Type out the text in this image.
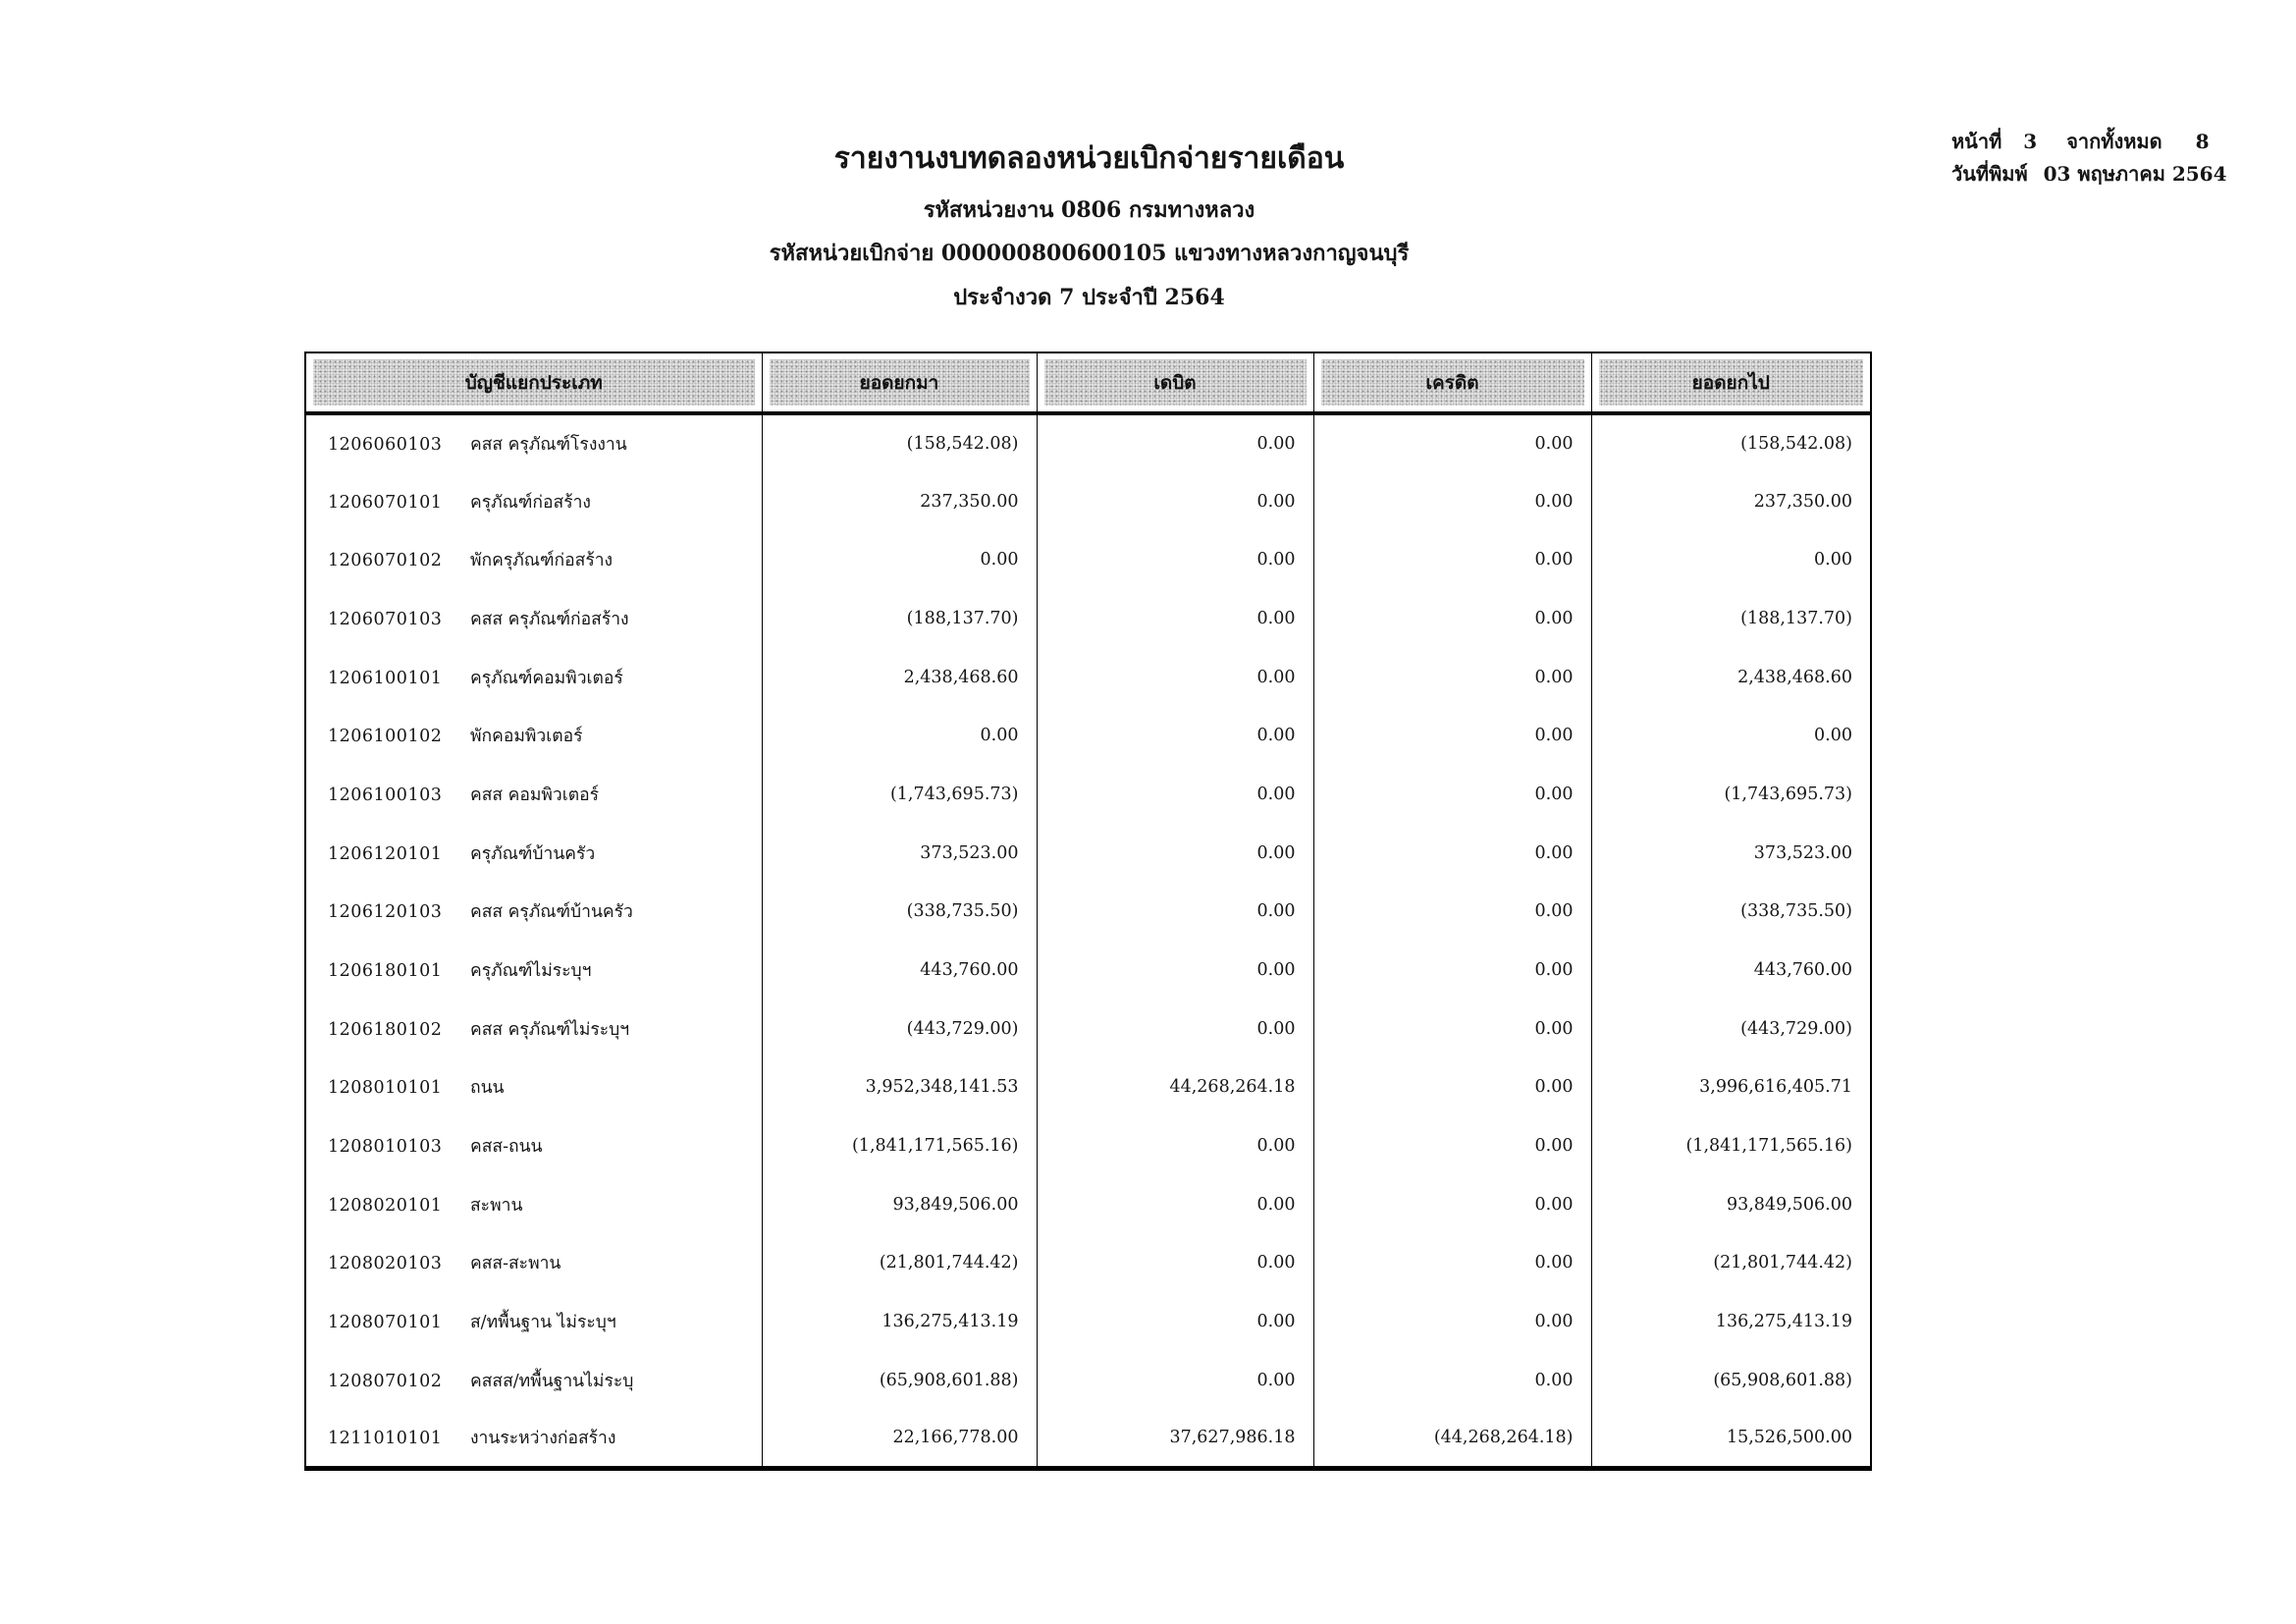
หน้าที่ 3 จากทั้งหมด 8
วันที่พิมพ์ 03 พฤษภาคม 2564
รายงานงบทดลองหน่วยเบิกจ่ายรายเดือน
รหัสหน่วยงาน 0806 กรมทางหลวง
รหัสหน่วยเบิกจ่าย 000000800600105 แขวงทางหลวงกาญจนบุรี
ประจำงวด 7 ประจำปี 2564
บัญชีแยกประเภท	ยอดยกมา	เดบิต	เครดิต	ยอดยกไป

1206060103 คสส ครุภัณฑ์โรงงาน	(158,542.08)	0.00	0.00	(158,542.08)
1206070101 ครุภัณฑ์ก่อสร้าง	237,350.00	0.00	0.00	237,350.00
1206070102 พักครุภัณฑ์ก่อสร้าง	0.00	0.00	0.00	0.00
1206070103 คสส ครุภัณฑ์ก่อสร้าง	(188,137.70)	0.00	0.00	(188,137.70)
1206100101 ครุภัณฑ์คอมพิวเตอร์	2,438,468.60	0.00	0.00	2,438,468.60
1206100102 พักคอมพิวเตอร์	0.00	0.00	0.00	0.00
1206100103 คสส คอมพิวเตอร์	(1,743,695.73)	0.00	0.00	(1,743,695.73)
1206120101 ครุภัณฑ์บ้านครัว	373,523.00	0.00	0.00	373,523.00
1206120103 คสส ครุภัณฑ์บ้านครัว	(338,735.50)	0.00	0.00	(338,735.50)
1206180101 ครุภัณฑ์ไม่ระบุฯ	443,760.00	0.00	0.00	443,760.00
1206180102 คสส ครุภัณฑ์ไม่ระบุฯ	(443,729.00)	0.00	0.00	(443,729.00)
1208010101 ถนน	3,952,348,141.53	44,268,264.18	0.00	3,996,616,405.71
1208010103 คสส-ถนน	(1,841,171,565.16)	0.00	0.00	(1,841,171,565.16)
1208020101 สะพาน	93,849,506.00	0.00	0.00	93,849,506.00
1208020103 คสส-สะพาน	(21,801,744.42)	0.00	0.00	(21,801,744.42)
1208070101 ส/ทพื้นฐาน ไม่ระบุฯ	136,275,413.19	0.00	0.00	136,275,413.19
1208070102 คสสส/ทพื้นฐานไม่ระบุ	(65,908,601.88)	0.00	0.00	(65,908,601.88)
1211010101 งานระหว่างก่อสร้าง	22,166,778.00	37,627,986.18	(44,268,264.18)	15,526,500.00
